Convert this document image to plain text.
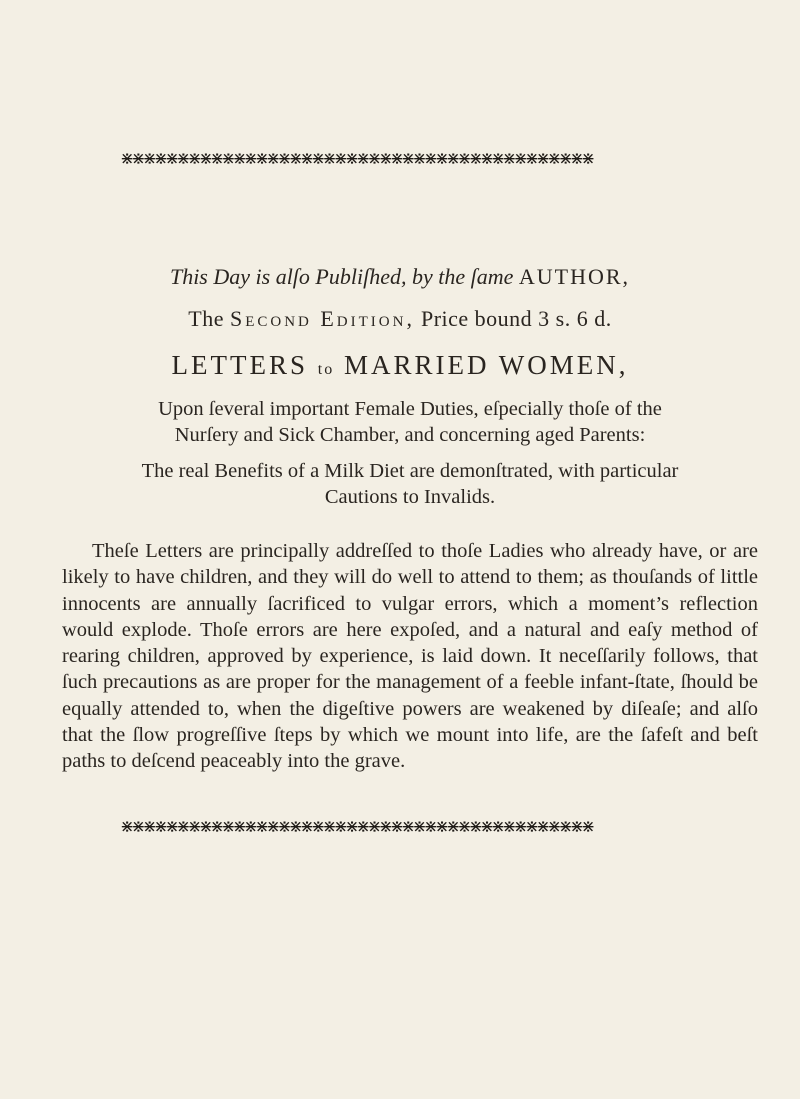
⋇⋇⋇⋇⋇⋇⋇⋇⋇⋇⋇⋇⋇⋇⋇⋇⋇⋇⋇⋇⋇⋇⋇⋇⋇⋇⋇⋇⋇⋇⋇⋇⋇⋇⋇⋇⋇⋇⋇⋇⋇⋇
This Day is alſo Publiſhed, by the ſame AUTHOR,
The Second Edition, Price bound 3 s. 6 d.
LETTERS to MARRIED WOMEN,
Upon ſeveral important Female Duties, eſpecially thoſe of the
Nurſery and Sick Chamber, and concerning aged Parents:
The real Benefits of a Milk Diet are demonſtrated, with particular
Cautions to Invalids.
Theſe Letters are principally addreſſed to thoſe Ladies who already have, or are likely to have children, and they will do well to attend to them; as thouſands of little innocents are annually ſacrificed to vulgar errors, which a moment’s reflection would explode. Thoſe errors are here expoſed, and a natural and eaſy method of rearing children, approved by experience, is laid down. It neceſſarily follows, that ſuch precautions as are proper for the management of a feeble infant-ſtate, ſhould be equally attended to, when the digeſtive powers are weakened by diſeaſe; and alſo that the ſlow progreſſive ſteps by which we mount into life, are the ſafeſt and beſt paths to deſcend peaceably into the grave.
⋇⋇⋇⋇⋇⋇⋇⋇⋇⋇⋇⋇⋇⋇⋇⋇⋇⋇⋇⋇⋇⋇⋇⋇⋇⋇⋇⋇⋇⋇⋇⋇⋇⋇⋇⋇⋇⋇⋇⋇⋇⋇
